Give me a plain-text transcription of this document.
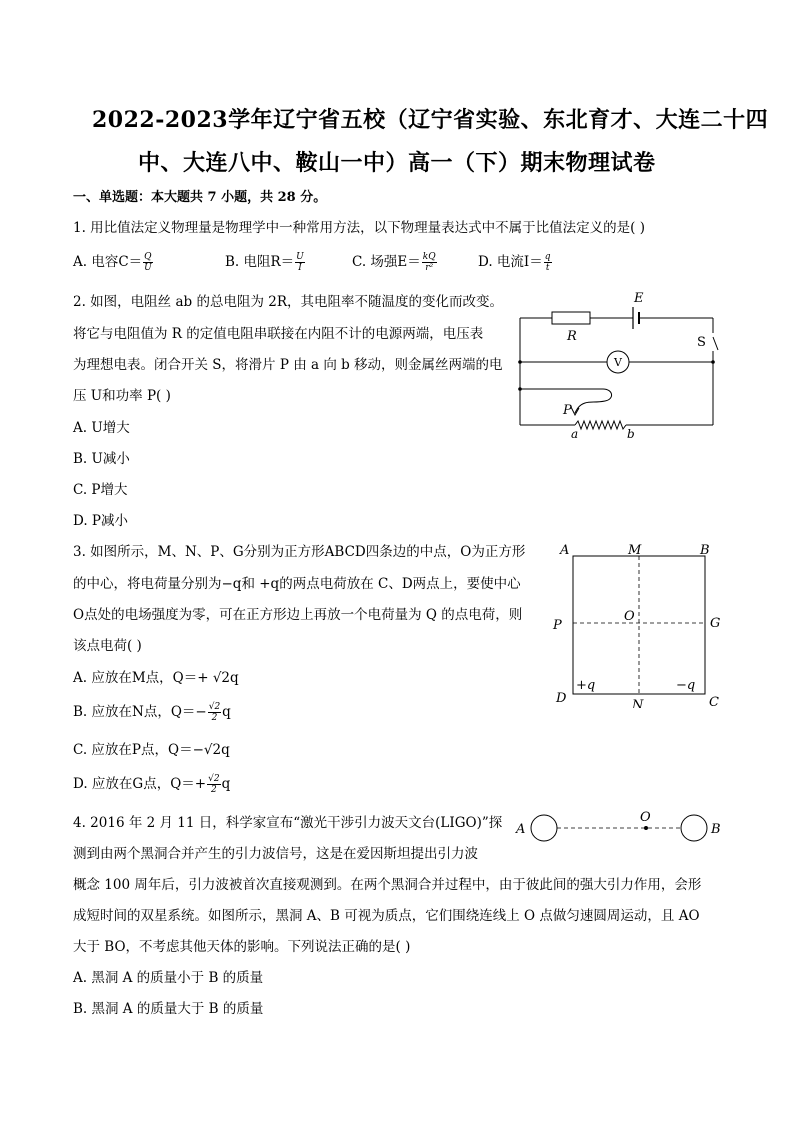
2022-2023学年辽宁省五校（辽宁省实验、东北育才、大连二十四
中、大连八中、鞍山一中）高一（下）期末物理试卷
一、单选题：本大题共 7 小题，共 28 分。
1. 用比值法定义物理量是物理学中一种常用方法，以下物理量表达式中不属于比值法定义的是( )
A. 电容$C= \frac{Q}{U}$	B. 电阻$R= \frac{U}{I}$	C. 场强$E= \frac{kQ}{\text{r²}}$	D. 电流$I= \frac{q}{t}$
2. 如图，电阻丝 ab 的总电阻为 2R，其电阻率不随温度的变化而改变。
将它与电阻值为 R 的定值电阻串联接在内阻不计的电源两端，电压表
为理想电表。闭合开关 S，将滑片 P 由 a 向 b 移动，则金属丝两端的电
压 U和功率 P( )
A. U增大
B. U减小
C. P增大
D. P减小
E
R	S
V
P
a	b
3. 如图所示，M、N、P、G分别为正方形ABCD四条边的中点，O为正方形
的中心，将电荷量分别为−q和 +q的两点电荷放在 C、D两点上，要使中心
O点处的电场强度为零，可在正方形边上再放一个电荷量为 Q 的点电荷，则
该点电荷( )
A. 应放在M点，Q＝+ √2q
B. 应放在N点，$Q=- \frac{√2}{2}$ q
C. 应放在P点，Q＝−√2q
D. 应放在G点，$Q=+ \frac{√2}{2}$ q
A	M	B
P
O	G
D	N	C
+q	−q
4. 2016 年 2 月 11 日，科学家宣布“激光干涉引力波天文台(LIGO)”探
测到由两个黑洞合并产生的引力波信号，这是在爱因斯坦提出引力波
概念 100 周年后，引力波被首次直接观测到。在两个黑洞合并过程中，由于彼此间的强大引力作用，会形
成短时间的双星系统。如图所示，黑洞 A、B 可视为质点，它们围绕连线上 O 点做匀速圆周运动，且 AO
大于 BO，不考虑其他天体的影响。下列说法正确的是( )
A. 黑洞 A 的质量小于 B 的质量
B. 黑洞 A 的质量大于 B 的质量
A
O
B
